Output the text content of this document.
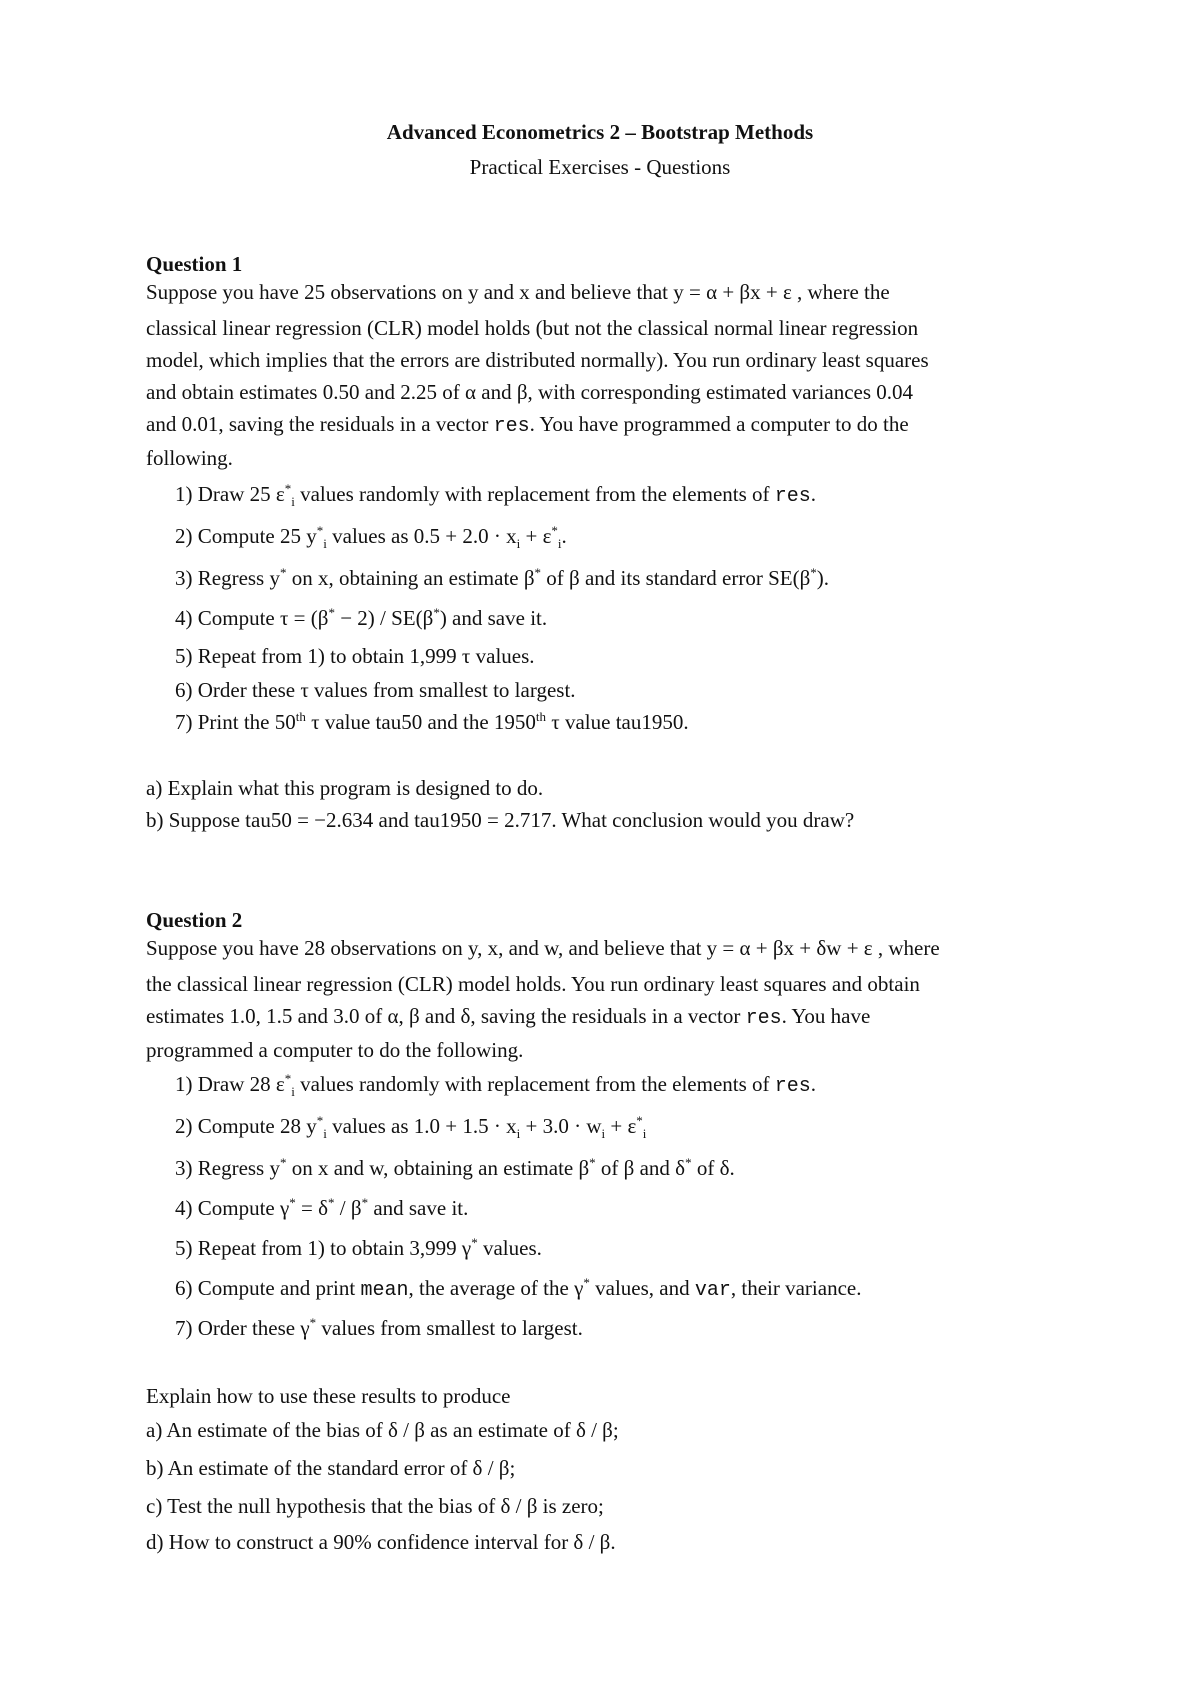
Advanced Econometrics 2 – Bootstrap Methods
Practical Exercises - Questions
Question 1
Suppose you have 25 observations on y and x and believe that y = α + βx + ε , where the
classical linear regression (CLR) model holds (but not the classical normal linear regression
model, which implies that the errors are distributed normally). You run ordinary least squares
and obtain estimates 0.50 and 2.25 of α and β, with corresponding estimated variances 0.04
and 0.01, saving the residuals in a vector res. You have programmed a computer to do the
following.
1) Draw 25 $\varepsilon^*_i$ values randomly with replacement from the elements of res.
2) Compute 25 $y^*_i$ values as $0.5 + 2.0 \cdot x_i + \varepsilon^*_i$.
3) Regress y* on x, obtaining an estimate β* of β and its standard error SE(β*).
4) Compute τ = (β* − 2) / SE(β*) and save it.
5) Repeat from 1) to obtain 1,999 τ values.
6) Order these τ values from smallest to largest.
7) Print the 50th τ value tau50 and the 1950th τ value tau1950.
a) Explain what this program is designed to do.
b) Suppose tau50 = −2.634 and tau1950 = 2.717. What conclusion would you draw?
Question 2
Suppose you have 28 observations on y, x, and w, and believe that y = α + βx + δw + ε , where
the classical linear regression (CLR) model holds. You run ordinary least squares and obtain
estimates 1.0, 1.5 and 3.0 of α, β and δ, saving the residuals in a vector res. You have
programmed a computer to do the following.
1) Draw 28 $\varepsilon^*_i$ values randomly with replacement from the elements of res.
2) Compute 28 $y^*_i$ values as $1.0 + 1.5 \cdot x_i + 3.0 \cdot w_i + \varepsilon^*_i$
3) Regress y* on x and w, obtaining an estimate β* of β and δ* of δ.
4) Compute γ* = δ* / β* and save it.
5) Repeat from 1) to obtain 3,999 γ* values.
6) Compute and print mean, the average of the γ* values, and var, their variance.
7) Order these γ* values from smallest to largest.
Explain how to use these results to produce
a) An estimate of the bias of δ / β as an estimate of δ / β;
b) An estimate of the standard error of δ / β;
c) Test the null hypothesis that the bias of δ / β is zero;
d) How to construct a 90% confidence interval for δ / β.
